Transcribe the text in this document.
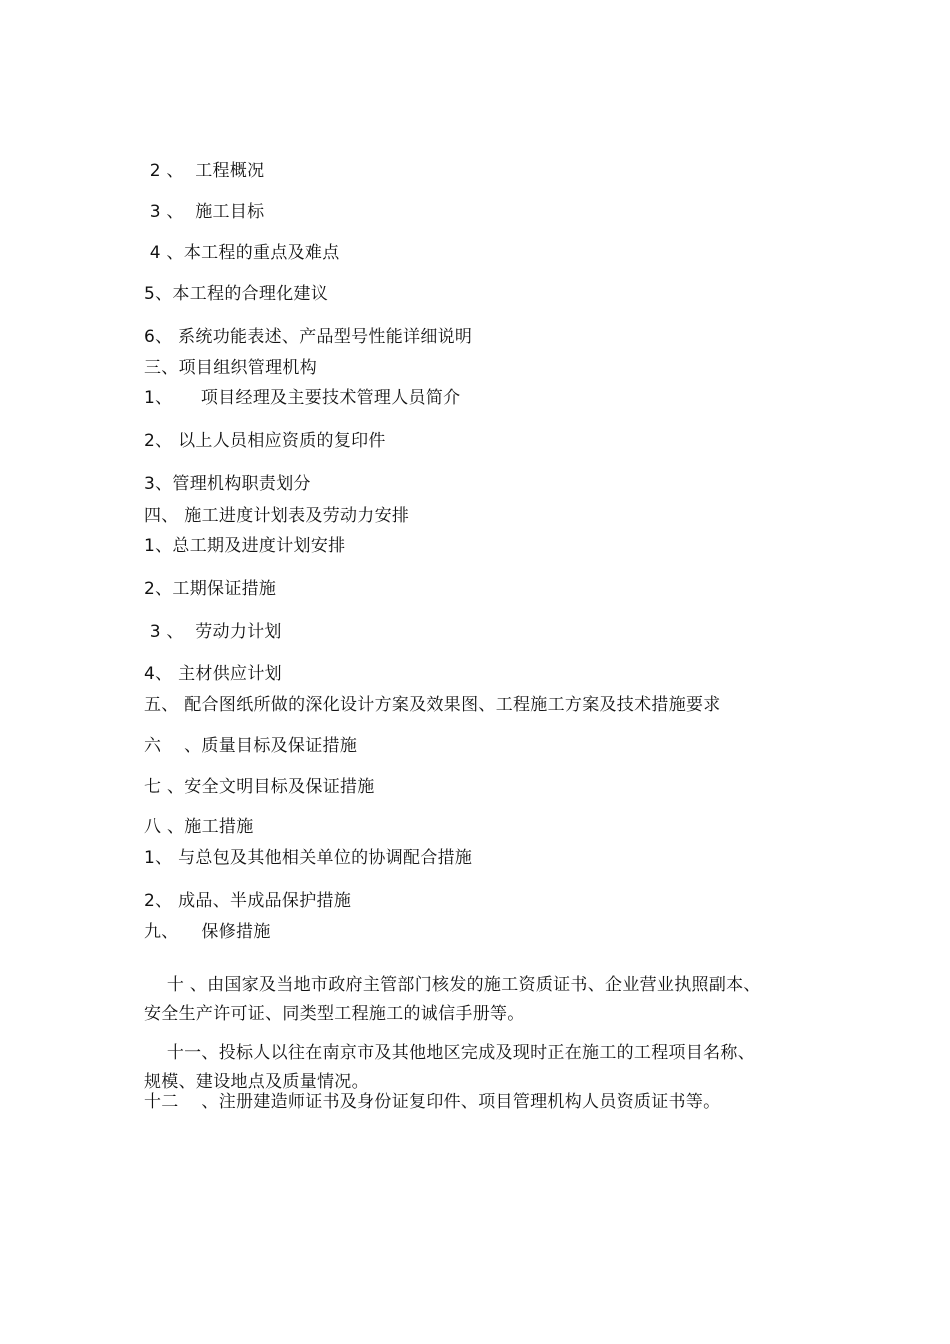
2 、  工程概况
3 、  施工目标
4 、本工程的重点及难点
5、本工程的合理化建议
6、 系统功能表述、产品型号性能详细说明
三、项目组织管理机构
1、     项目经理及主要技术管理人员简介
2、 以上人员相应资质的复印件
3、管理机构职责划分
四、 施工进度计划表及劳动力安排
1、总工期及进度计划安排
2、工期保证措施
3 、  劳动力计划
4、 主材供应计划
五、 配合图纸所做的深化设计方案及效果图、工程施工方案及技术措施要求
六    、质量目标及保证措施
七 、安全文明目标及保证措施
八 、施工措施
1、 与总包及其他相关单位的协调配合措施
2、 成品、半成品保护措施
九、    保修措施

十 、由国家及当地市政府主管部门核发的施工资质证书、企业营业执照副本、
安全生产许可证、同类型工程施工的诚信手册等。

十一、投标人以往在南京市及其他地区完成及现时正在施工的工程项目名称、
规模、建设地点及质量情况。

十二    、注册建造师证书及身份证复印件、项目管理机构人员资质证书等。
